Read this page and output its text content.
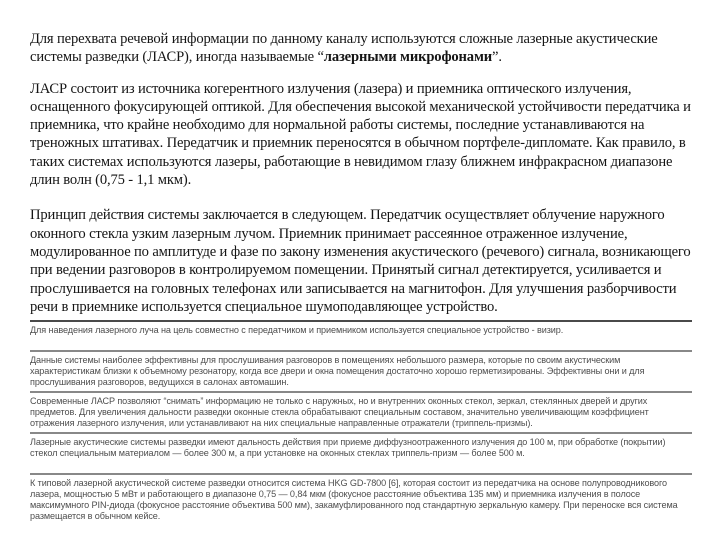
Для перехвата речевой информации по данному каналу используются сложные лазерные акустические системы разведки (ЛАСР), иногда называемые “лазерными микрофонами”.

ЛАСР состоит из источника когерентного излучения (лазера) и приемника оптического излучения, оснащенного фокусирующей оптикой. Для обеспечения высокой механической устойчивости передатчика и приемника, что крайне необходимо для нормальной работы системы, последние устанавливаются на треножных штативах. Передатчик и приемник переносятся в обычном портфеле-дипломате. Как правило, в таких системах используются лазеры, работающие в невидимом глазу ближнем инфракрасном диапазоне длин волн (0,75 - 1,1 мкм).

Принцип действия системы заключается в следующем. Передатчик осуществляет облучение наружного оконного стекла узким лазерным лучом. Приемник принимает рассеянное отраженное излучение, модулированное по амплитуде и фазе по закону изменения акустического (речевого) сигнала, возникающего при ведении разговоров в контролируемом помещении. Принятый сигнал детектируется, усиливается и прослушивается на головных телефонах или записывается на магнитофон. Для улучшения разборчивости речи в приемнике используется специальное шумоподавляющее устройство.

Для наведения лазерного луча на цель совместно с передатчиком и приемником используется специальное устройство - визир.
Данные системы наиболее эффективны для прослушивания разговоров в помещениях небольшого размера, которые по своим акустическим характеристикам близки к объемному резонатору, когда все двери и окна помещения достаточно хорошо герметизированы. Эффективны они и для прослушивания разговоров, ведущихся в салонах автомашин.
Современные ЛАСР позволяют “снимать” информацию не только с наружных, но и внутренних оконных стекол, зеркал, стеклянных дверей и других предметов. Для увеличения дальности разведки оконные стекла обрабатывают специальным составом, значительно увеличивающим коэффициент отражения лазерного излучения, или устанавливают на них специальные направленные отражатели (триппель-призмы).
Лазерные акустические системы разведки имеют дальность действия при приеме диффузноотраженного излучения до 100 м, при обработке (покрытии) стекол специальным материалом — более 300 м, а при установке на оконных стеклах триппель-призм — более 500 м.
К типовой лазерной акустической системе разведки относится система HKG GD-7800 [6], которая состоит из передатчика на основе полупроводникового лазера, мощностью 5 мВт и работающего в диапазоне 0,75 — 0,84 мкм (фокусное расстояние объектива 135 мм) и приемника излучения в полосе максимумного PIN-диода (фокусное расстояние объектива 500 мм), закамуфлированного под стандартную зеркальную камеру. При переноске вся система размещается в обычном кейсе.
